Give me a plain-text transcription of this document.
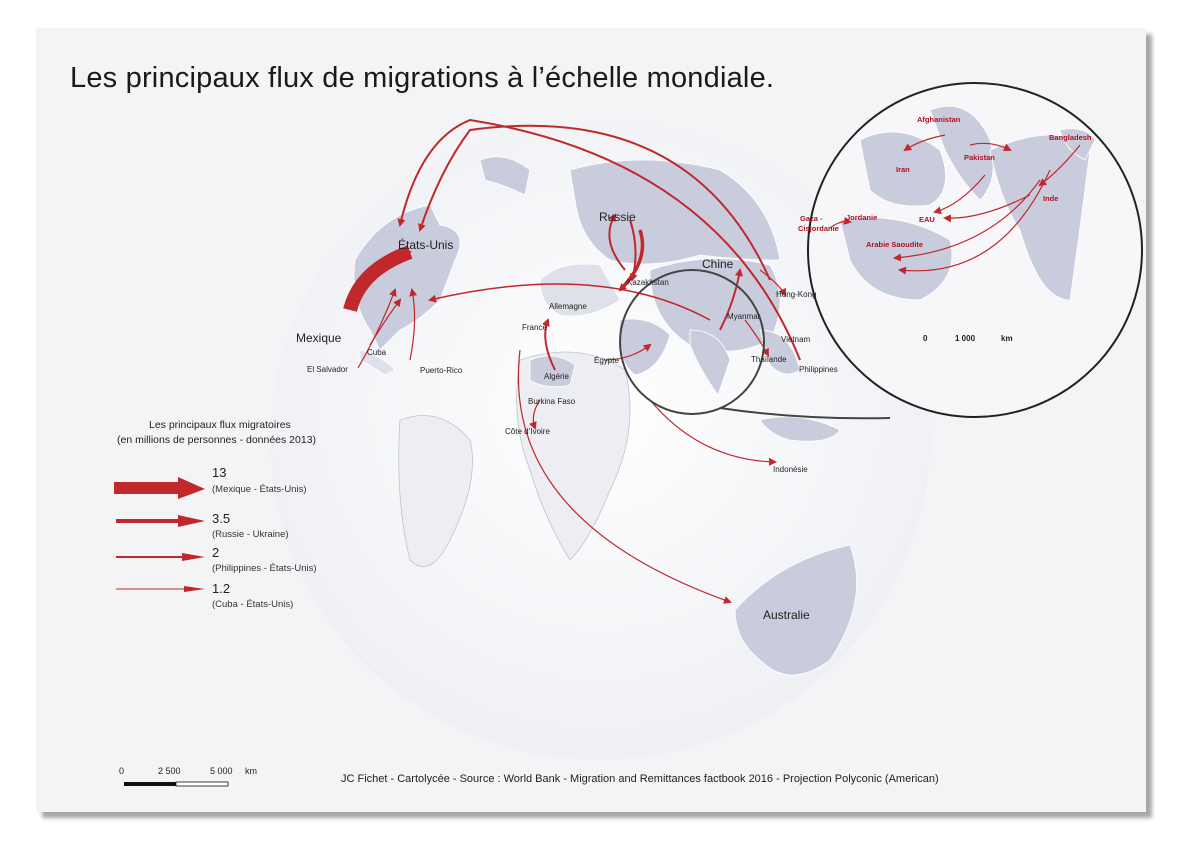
États-Unis
Mexique
Cuba
El Salvador	Puerto-Rico
Russie
Kazakhstan
Chine
Hong-Kong
Allemagne
France
Myanmar
Vietnam
Thaïlande
Philippines
Égypte
Algérie
Burkina Faso
Côte d’Ivoire
Indonésie
Australie
Afghanistan
Pakistan
Iran
Bangladesh
Inde
EAU
Jordanie
Gaza -
Cisjordanie
Arabie Saoudite
0	1 000	km
Les principaux flux de migrations à l’échelle mondiale.
Les principaux flux migratoires
(en millions de personnes - données 2013)
13
(Mexique - États-Unis)
3.5
(Russie - Ukraine)
2
(Philippines - États-Unis)
1.2
(Cuba - États-Unis)
0	2 500	5 000 km
JC Fichet - Cartolycée - Source : World Bank - Migration and Remittances factbook 2016 - Projection Polyconic (American)
